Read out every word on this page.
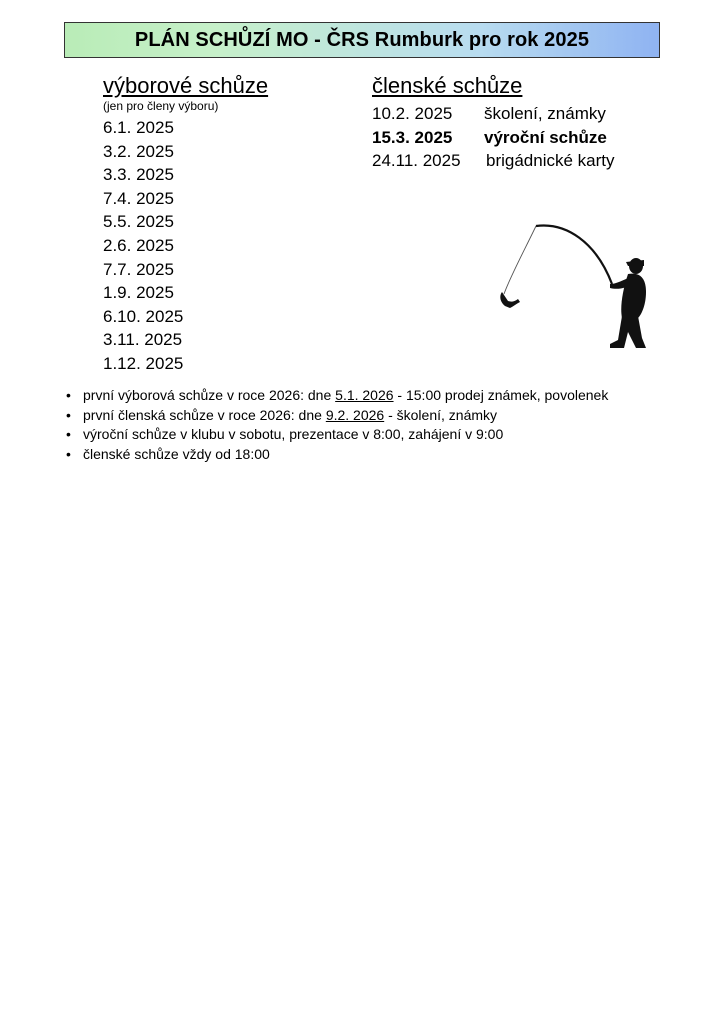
PLÁN SCHŮZÍ MO - ČRS Rumburk pro rok 2025
výborové schůze
(jen pro členy výboru)
6.1. 2025
3.2. 2025
3.3. 2025
7.4. 2025
5.5. 2025
2.6. 2025
7.7. 2025
1.9. 2025
6.10. 2025
3.11. 2025
1.12. 2025
členské schůze
10.2. 2025	školení, známky
15.3. 2025	výroční schůze
24.11. 2025	brigádnické karty
• první výborová schůze v roce 2026: dne 5.1. 2026 - 15:00 prodej známek, povolenek
• první členská schůze v roce 2026: dne 9.2. 2026 - školení, známky
• výroční schůze v klubu v sobotu, prezentace v 8:00, zahájení v 9:00
• členské schůze vždy od 18:00
